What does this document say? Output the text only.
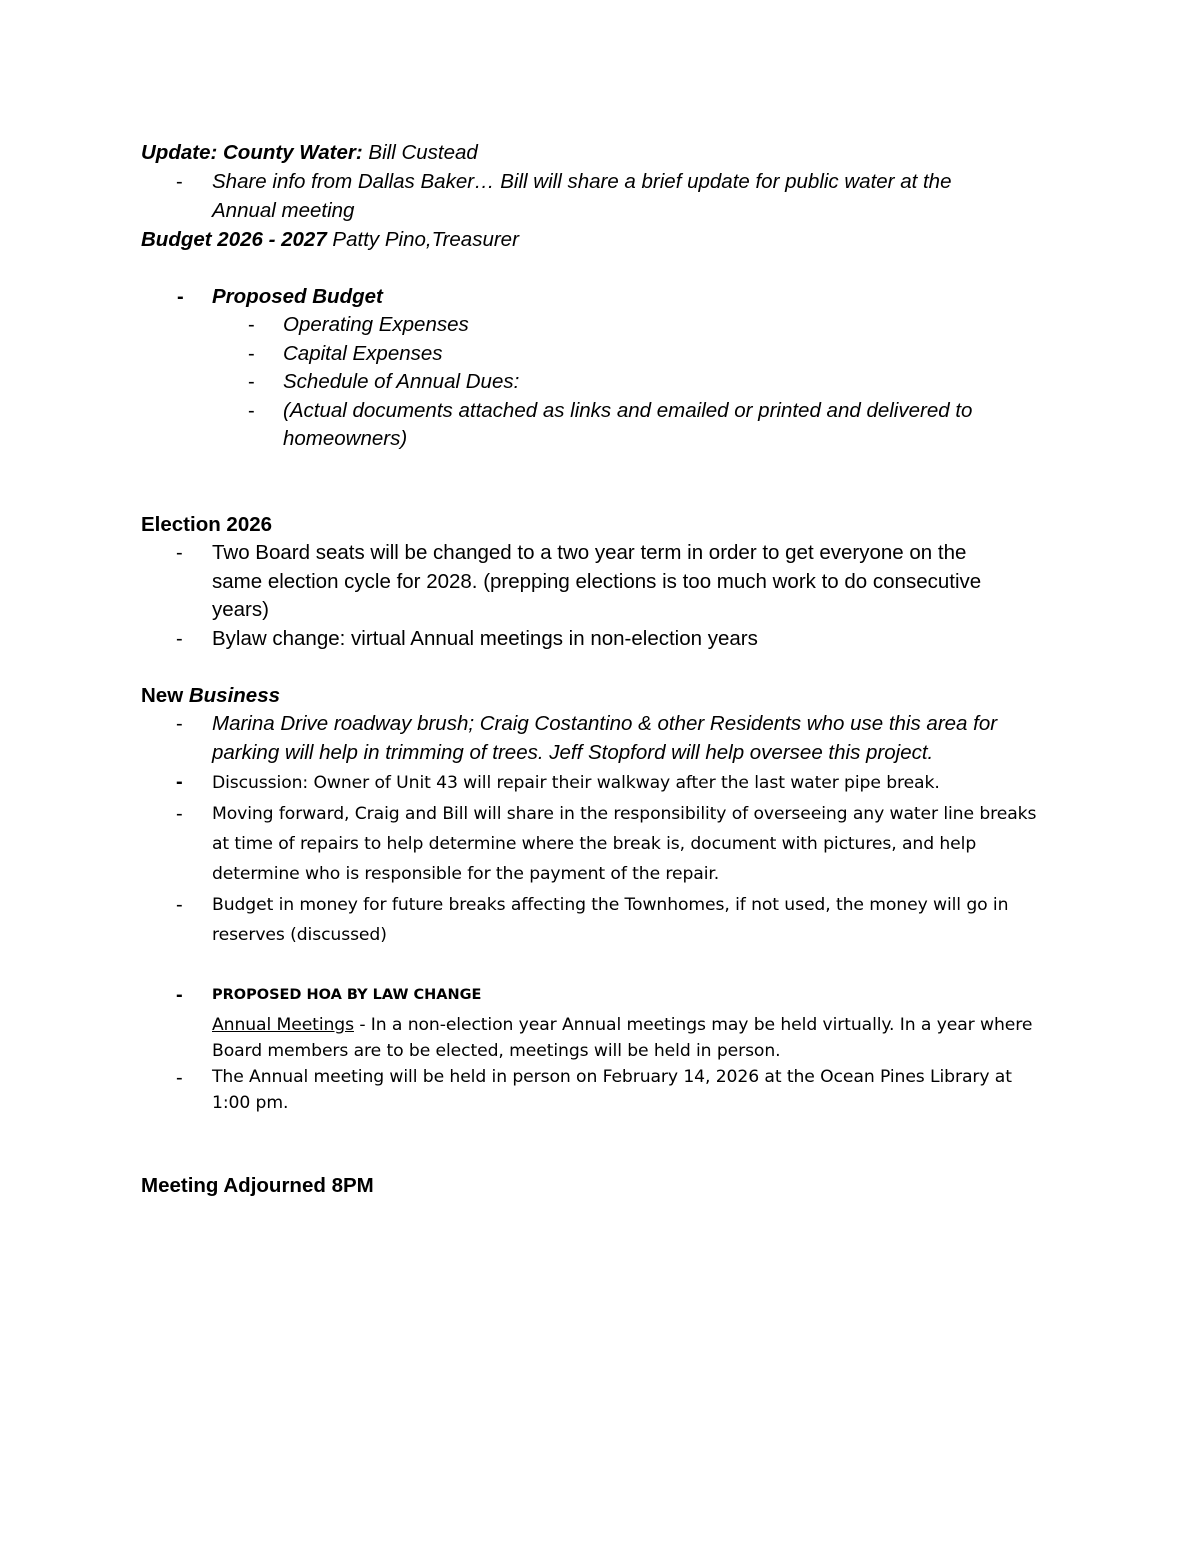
Update: County Water: Bill Custead
- Share info from Dallas Baker… Bill will share a brief update for public water at the
Annual meeting
Budget 2026 - 2027 Patty Pino,Treasurer
- Proposed Budget
- Operating Expenses
- Capital Expenses
- Schedule of Annual Dues:
- (Actual documents attached as links and emailed or printed and delivered to
homeowners)
Election 2026
- Two Board seats will be changed to a two year term in order to get everyone on the
same election cycle for 2028. (prepping elections is too much work to do consecutive
years)
- Bylaw change: virtual Annual meetings in non-election years
New Business
- Marina Drive roadway brush; Craig Costantino & other Residents who use this area for
parking will help in trimming of trees. Jeff Stopford will help oversee this project.
- Discussion: Owner of Unit 43 will repair their walkway after the last water pipe break.
- Moving forward, Craig and Bill will share in the responsibility of overseeing any water line breaks
at time of repairs to help determine where the break is, document with pictures, and help
determine who is responsible for the payment of the repair.
- Budget in money for future breaks affecting the Townhomes, if not used, the money will go in
reserves (discussed)
- PROPOSED HOA BY LAW CHANGE
Annual Meetings - In a non-election year Annual meetings may be held virtually. In a year where
Board members are to be elected, meetings will be held in person.
- The Annual meeting will be held in person on February 14, 2026 at the Ocean Pines Library at
1:00 pm.
Meeting Adjourned 8PM
